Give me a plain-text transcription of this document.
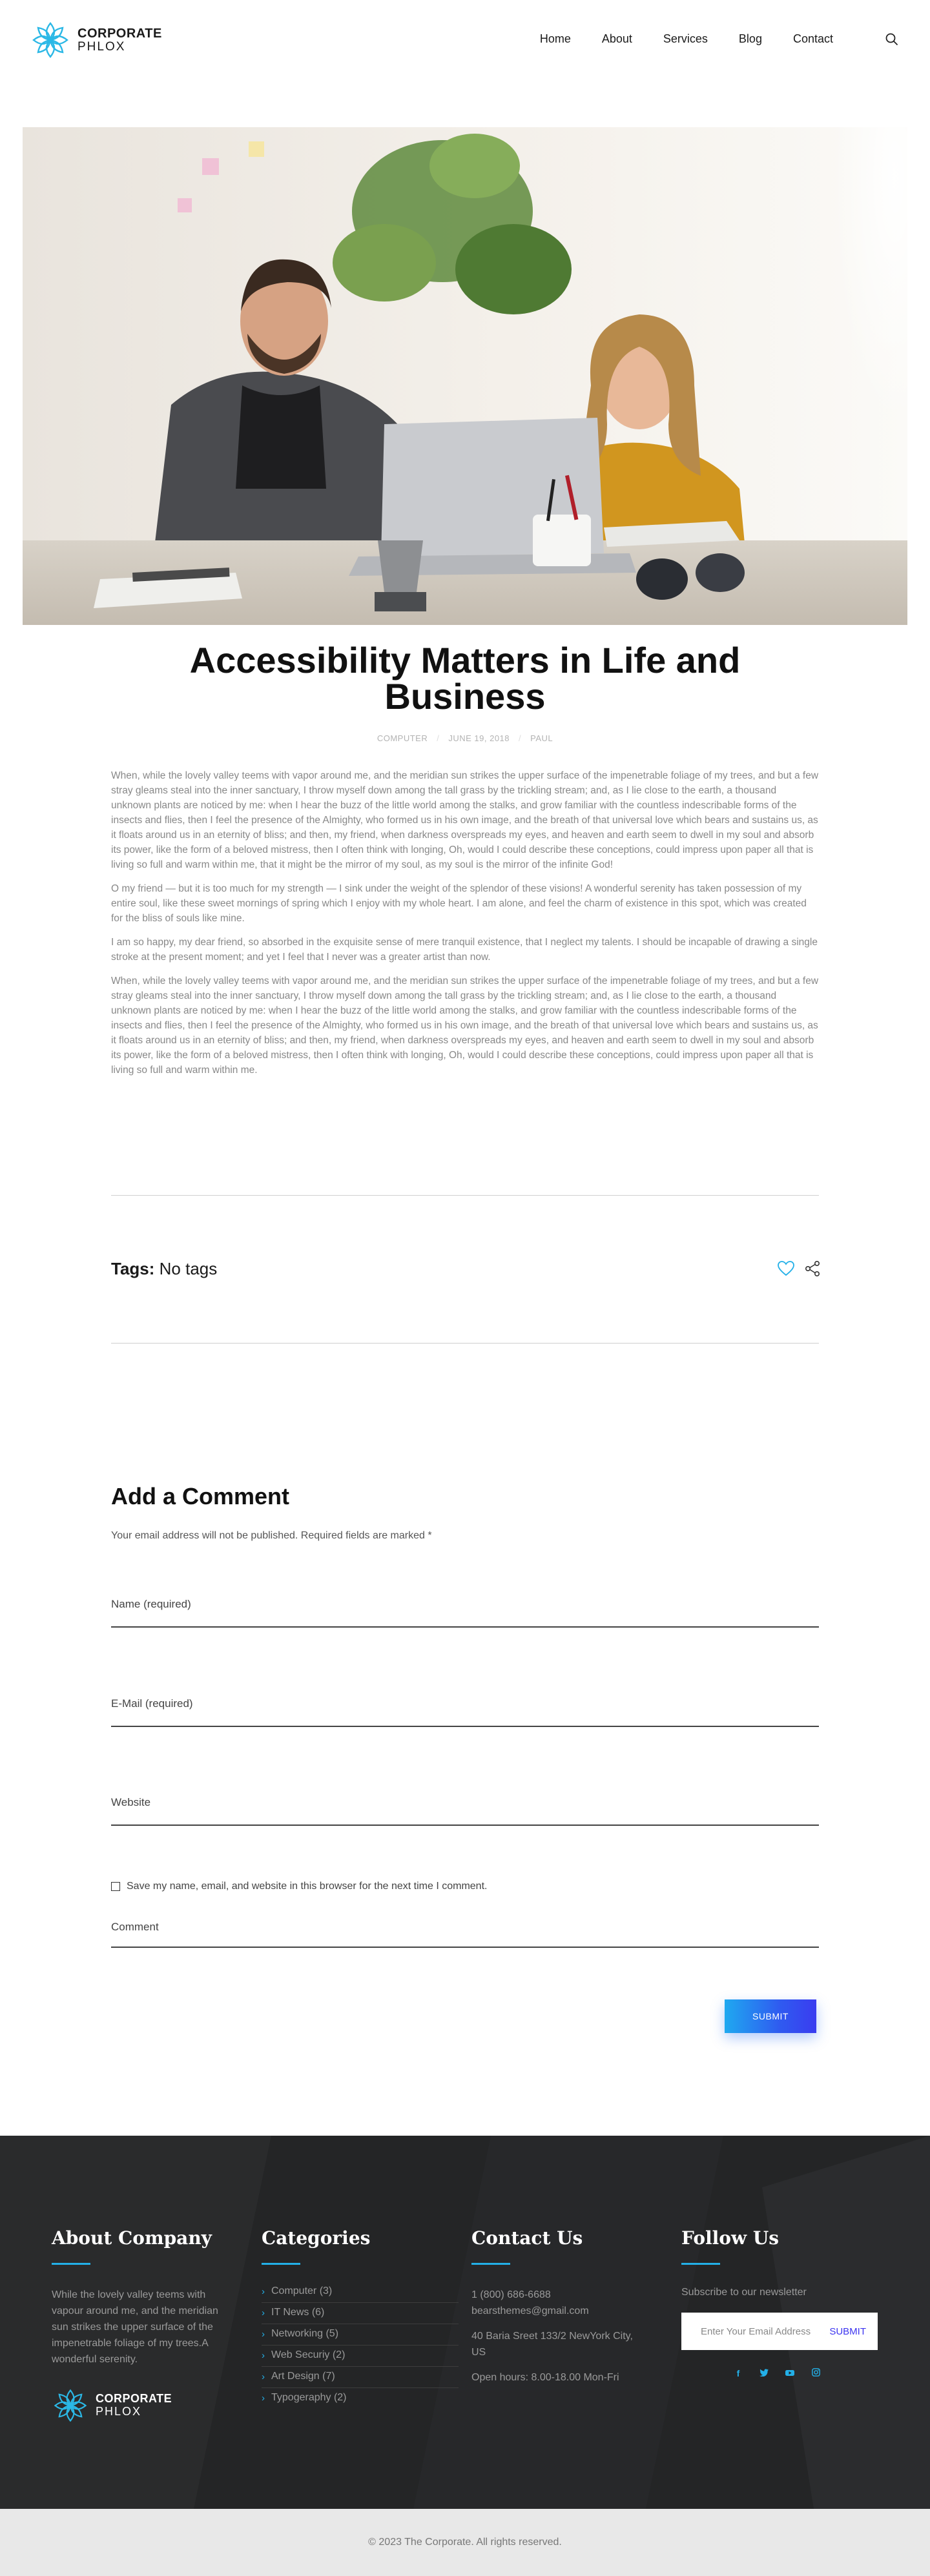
CORPORATE
PHLOX
Home	About	Services	Blog	Contact
Accessibility Matters in Life and Business
COMPUTER / JUNE 19, 2018 / PAUL

When, while the lovely valley teems with vapor around me, and the meridian sun strikes the upper surface of the impenetrable foliage of my trees, and but a few stray gleams steal into the inner sanctuary, I throw myself down among the tall grass by the trickling stream; and, as I lie close to the earth, a thousand unknown plants are noticed by me: when I hear the buzz of the little world among the stalks, and grow familiar with the countless indescribable forms of the insects and flies, then I feel the presence of the Almighty, who formed us in his own image, and the breath of that universal love which bears and sustains us, as it floats around us in an eternity of bliss; and then, my friend, when darkness overspreads my eyes, and heaven and earth seem to dwell in my soul and absorb its power, like the form of a beloved mistress, then I often think with longing, Oh, would I could describe these conceptions, could impress upon paper all that is living so full and warm within me, that it might be the mirror of my soul, as my soul is the mirror of the infinite God!

O my friend — but it is too much for my strength — I sink under the weight of the splendor of these visions! A wonderful serenity has taken possession of my entire soul, like these sweet mornings of spring which I enjoy with my whole heart. I am alone, and feel the charm of existence in this spot, which was created for the bliss of souls like mine.

I am so happy, my dear friend, so absorbed in the exquisite sense of mere tranquil existence, that I neglect my talents. I should be incapable of drawing a single stroke at the present moment; and yet I feel that I never was a greater artist than now.

When, while the lovely valley teems with vapor around me, and the meridian sun strikes the upper surface of the impenetrable foliage of my trees, and but a few stray gleams steal into the inner sanctuary, I throw myself down among the tall grass by the trickling stream; and, as I lie close to the earth, a thousand unknown plants are noticed by me: when I hear the buzz of the little world among the stalks, and grow familiar with the countless indescribable forms of the insects and flies, then I feel the presence of the Almighty, who formed us in his own image, and the breath of that universal love which bears and sustains us, as it floats around us in an eternity of bliss; and then, my friend, when darkness overspreads my eyes, and heaven and earth seem to dwell in my soul and absorb its power, like the form of a beloved mistress, then I often think with longing, Oh, would I could describe these conceptions, could impress upon paper all that is living so full and warm within me.

Tags: No tags
Add a Comment

Your email address will not be published. Required fields are marked *

Name (required)
E-Mail (required)
Website
Save my name, email, and website in this browser for the next time I comment.
Comment
SUBMIT
About Company

While the lovely valley teems with vapour around me, and the meridian sun strikes the upper surface of the impenetrable foliage of my trees.A wonderful serenity.

CORPORATE
PHLOX
Categories
› Computer (3)
› IT News (6)
› Networking (5)
› Web Securiy (2)
› Art Design (7)
› Typogeraphy (2)
Contact Us
1 (800) 686-6688
bearsthemes@gmail.com
40 Baria Sreet 133/2 NewYork City, US
Open hours: 8.00-18.00 Mon-Fri
Follow Us

Subscribe to our newsletter

Enter Your Email Address
SUBMIT
f
© 2023 The Corporate. All rights reserved.
